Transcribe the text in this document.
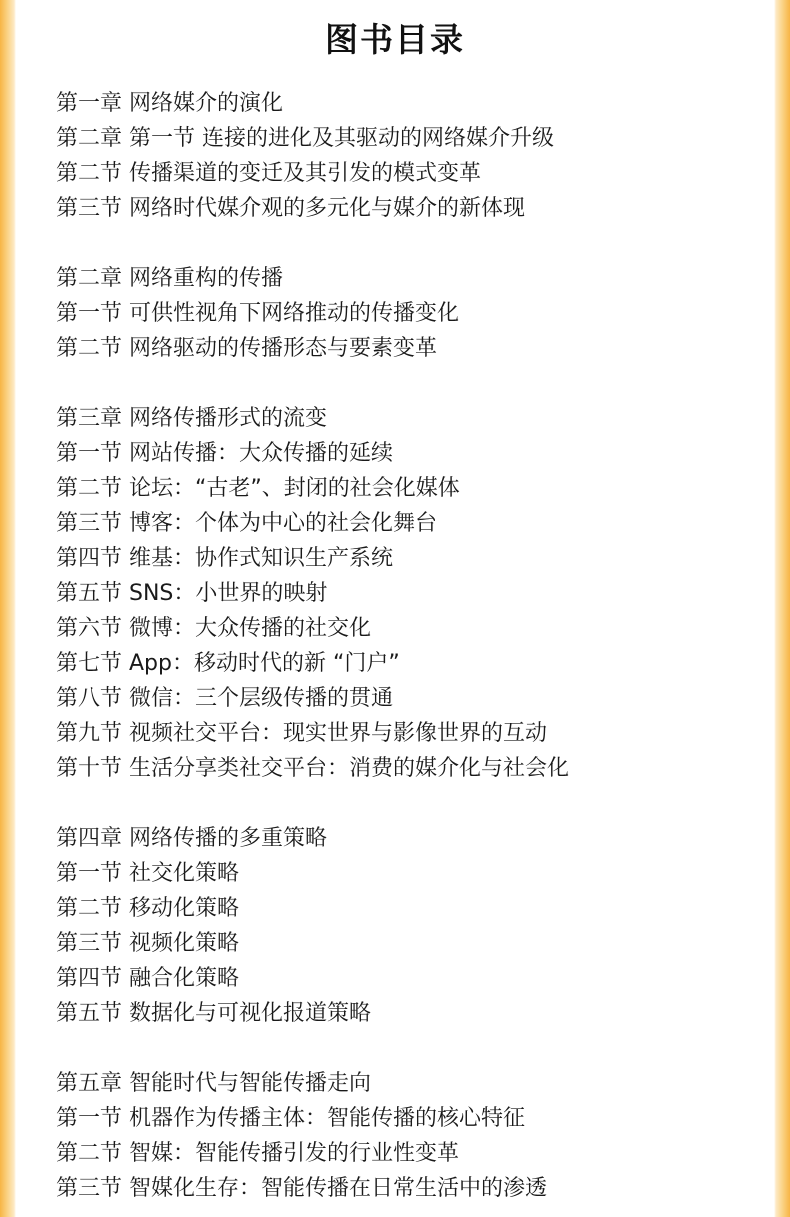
图书目录
第一章 网络媒介的演化
第二章 第一节 连接的进化及其驱动的网络媒介升级
第二节 传播渠道的变迁及其引发的模式变革
第三节 网络时代媒介观的多元化与媒介的新体现
第二章 网络重构的传播
第一节 可供性视角下网络推动的传播变化
第二节 网络驱动的传播形态与要素变革
第三章 网络传播形式的流变
第一节 网站传播：大众传播的延续
第二节 论坛：“古老”、封闭的社会化媒体
第三节 博客：个体为中心的社会化舞台
第四节 维基：协作式知识生产系统
第五节 SNS：小世界的映射
第六节 微博：大众传播的社交化
第七节 App：移动时代的新 “门户”
第八节 微信：三个层级传播的贯通
第九节 视频社交平台：现实世界与影像世界的互动
第十节 生活分享类社交平台：消费的媒介化与社会化
第四章 网络传播的多重策略
第一节 社交化策略
第二节 移动化策略
第三节 视频化策略
第四节 融合化策略
第五节 数据化与可视化报道策略
第五章 智能时代与智能传播走向
第一节 机器作为传播主体：智能传播的核心特征
第二节 智媒：智能传播引发的行业性变革
第三节 智媒化生存：智能传播在日常生活中的渗透
